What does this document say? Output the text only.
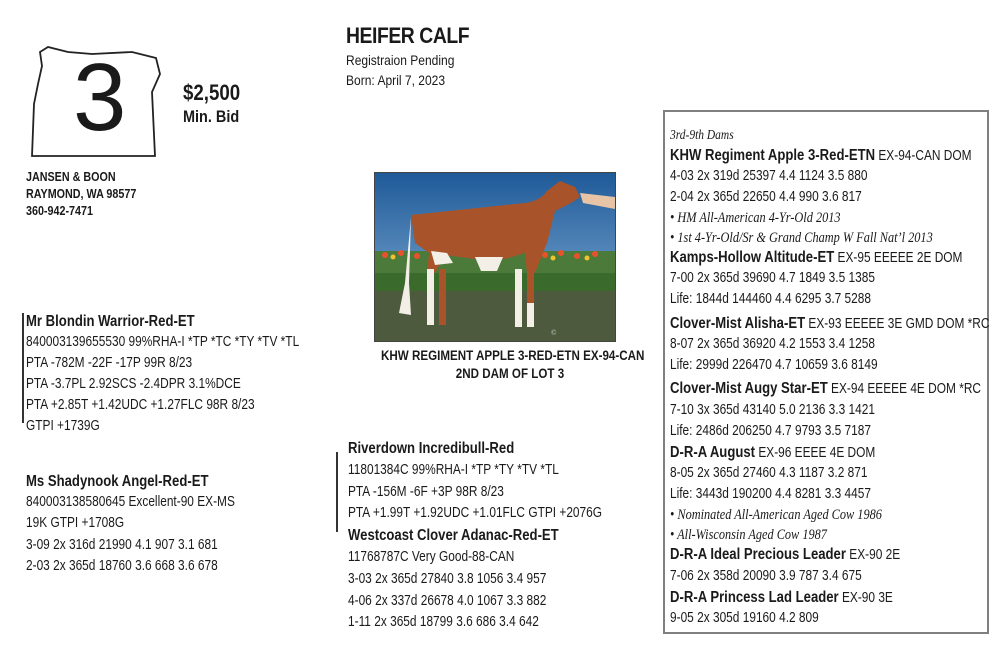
3	$2,500
Min. Bid
JANSEN & BOON
RAYMOND, WA 98577
360-942-7471
HEIFER CALF
Registraion Pending
Born: April 7, 2023
©
KHW REGIMENT APPLE 3-RED-ETN EX-94-CAN
2ND DAM OF LOT 3
Mr Blondin Warrior-Red-ET
840003139655530 99%RHA-I *TP *TC *TY *TV *TL
PTA -782M -22F -17P 99R 8/23
PTA -3.7PL 2.92SCS -2.4DPR 3.1%DCE
PTA +2.85T +1.42UDC +1.27FLC 98R 8/23
GTPI +1739G
Ms Shadynook Angel-Red-ET
840003138580645 Excellent-90 EX-MS
19K GTPI +1708G
3-09 2x 316d 21990 4.1 907 3.1 681
2-03 2x 365d 18760 3.6 668 3.6 678
Riverdown Incredibull-Red
11801384C 99%RHA-I *TP *TY *TV *TL
PTA -156M -6F +3P 98R 8/23
PTA +1.99T +1.92UDC +1.01FLC GTPI +2076G
Westcoast Clover Adanac-Red-ET
11768787C Very Good-88-CAN
3-03 2x 365d 27840 3.8 1056 3.4 957
4-06 2x 337d 26678 4.0 1067 3.3 882
1-11 2x 365d 18799 3.6 686 3.4 642
3rd-9th Dams
KHW Regiment Apple 3-Red-ETN EX-94-CAN DOM
4-03 2x 319d 25397 4.4 1124 3.5 880
2-04 2x 365d 22650 4.4 990 3.6 817
• HM All-American 4-Yr-Old 2013
• 1st 4-Yr-Old/Sr & Grand Champ W Fall Nat’l 2013
Kamps-Hollow Altitude-ET EX-95 EEEEE 2E DOM
7-00 2x 365d 39690 4.7 1849 3.5 1385
Life: 1844d 144460 4.4 6295 3.7 5288
Clover-Mist Alisha-ET EX-93 EEEEE 3E GMD DOM *RC
8-07 2x 365d 36920 4.2 1553 3.4 1258
Life: 2999d 226470 4.7 10659 3.6 8149
Clover-Mist Augy Star-ET EX-94 EEEEE 4E DOM *RC
7-10 3x 365d 43140 5.0 2136 3.3 1421
Life: 2486d 206250 4.7 9793 3.5 7187
D-R-A August EX-96 EEEE 4E DOM
8-05 2x 365d 27460 4.3 1187 3.2 871
Life: 3443d 190200 4.4 8281 3.3 4457
• Nominated All-American Aged Cow 1986
• All-Wisconsin Aged Cow 1987
D-R-A Ideal Precious Leader EX-90 2E
7-06 2x 358d 20090 3.9 787 3.4 675
D-R-A Princess Lad Leader EX-90 3E
9-05 2x 305d 19160 4.2 809
